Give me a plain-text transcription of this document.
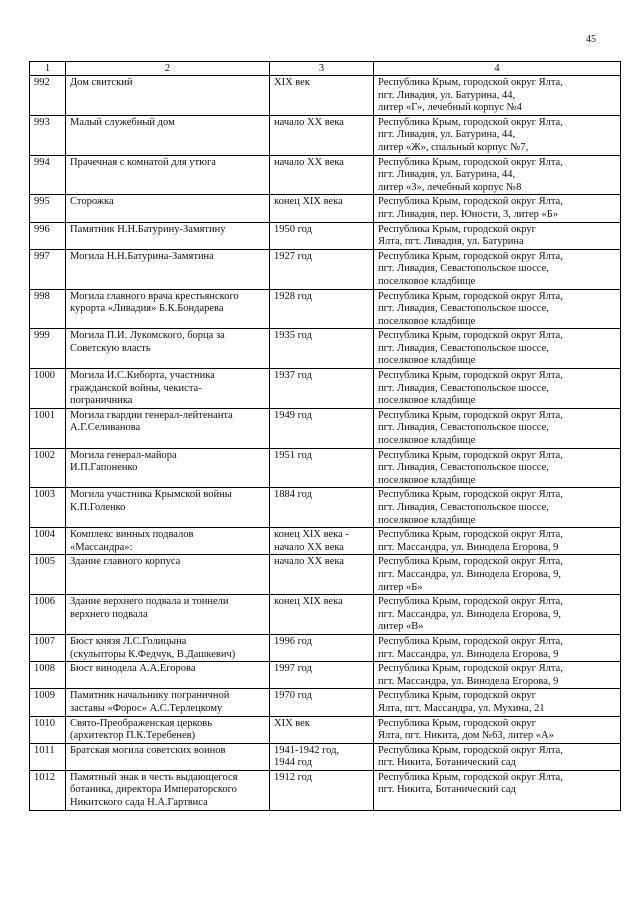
45
1	2	3	4
992	Дом свитский	XIX век	Республика Крым, городской округ Ялта,
пгт. Ливадия, ул. Батурина, 44,
литер «Г», лечебный корпус №4

993	Малый служебный дом	начало XX века	Республика Крым, городской округ Ялта,
пгт. Ливадия, ул. Батурина, 44,
литер «Ж», спальный корпус №7,

994	Прачечная с комнатой для утюга	начало XX века	Республика Крым, городской округ Ялта,
пгт. Ливадия, ул. Батурина, 44,
литер «З», лечебный корпус №8

995	Сторожка	конец XIX века	Республика Крым, городской округ Ялта,
пгт. Ливадия, пер. Юности, 3, литер «Б»

996	Памятник Н.Н.Батурину-Замятину	1950 год	Республика Крым, городской округ
Ялта, пгт. Ливадия, ул. Батурина

997	Могила Н.Н.Батурина-Замятина	1927 год	Республика Крым, городской округ Ялта,
пгт. Ливадия, Севастопольское шоссе,
поселковое кладбище

998	Могила главного врача крестьянского
курорта «Ливадия» Б.К.Бондарева	1928 год	Республика Крым, городской округ Ялта,
пгт. Ливадия, Севастопольское шоссе,
поселковое кладбище

999	Могила П.И. Лукомского, борца за
Советскую власть	1935 год	Республика Крым, городской округ Ялта,
пгт. Ливадия, Севастопольское шоссе,
поселковое кладбище

1000	Могила И.С.Киборта, участника
гражданской войны, чекиста-
пограничника	1937 год	Республика Крым, городской округ Ялта,
пгт. Ливадия, Севастопольское шоссе,
поселковое кладбище

1001	Могила гвардии генерал-лейтенанта
А.Г.Селиванова	1949 год	Республика Крым, городской округ Ялта,
пгт. Ливадия, Севастопольское шоссе,
поселковое кладбище

1002	Могила генерал-майора
И.П.Гапоненко	1951 год	Республика Крым, городской округ Ялта,
пгт. Ливадия, Севастопольское шоссе,
поселковое кладбище

1003	Могила участника Крымской войны
К.П.Голенко	1884 год	Республика Крым, городской округ Ялта,
пгт. Ливадия, Севастопольское шоссе,
поселковое кладбище

1004	Комплекс винных подвалов
«Массандра»:	конец XIX века -
начало XX века	Республика Крым, городской округ Ялта,
пгт. Массандра, ул. Винодела Егорова, 9

1005	Здание главного корпуса	начало XX века	Республика Крым, городской округ Ялта,
пгт. Массандра, ул. Винодела Егорова, 9,
литер «Б»

1006	Здание верхнего подвала и тоннели
верхнего подвала	конец XIX века	Республика Крым, городской округ Ялта,
пгт. Массандра, ул. Винодела Егорова, 9,
литер «В»

1007	Бюст князя Л.С.Голицына
(скульпторы К.Федчук, В.Дашкевич)	1996 год	Республика Крым, городской округ Ялта,
пгт. Массандра, ул. Винодела Егорова, 9

1008	Бюст винодела А.А.Егорова	1997 год	Республика Крым, городской округ Ялта,
пгт. Массандра, ул. Винодела Егорова, 9

1009	Памятник начальнику пограничной
заставы «Форос» А.С.Терлецкому	1970 год	Республика Крым, городской округ
Ялта, пгт. Массандра, ул. Мухина, 21

1010	Свято-Преображенская церковь
(архитектор П.К.Теребенев)	XIX век	Республика Крым, городской округ
Ялта, пгт. Никита, дом №63, литер «А»

1011	Братская могила советских воинов	1941-1942 год,
1944 год	Республика Крым, городской округ Ялта,
пгт. Никита, Ботанический сад

1012	Памятный знак в честь выдающегося
ботаника, директора Императорского
Никитского сада Н.А.Гартвиса	1912 год	Республика Крым, городской округ Ялта,
пгт. Никита, Ботанический сад
